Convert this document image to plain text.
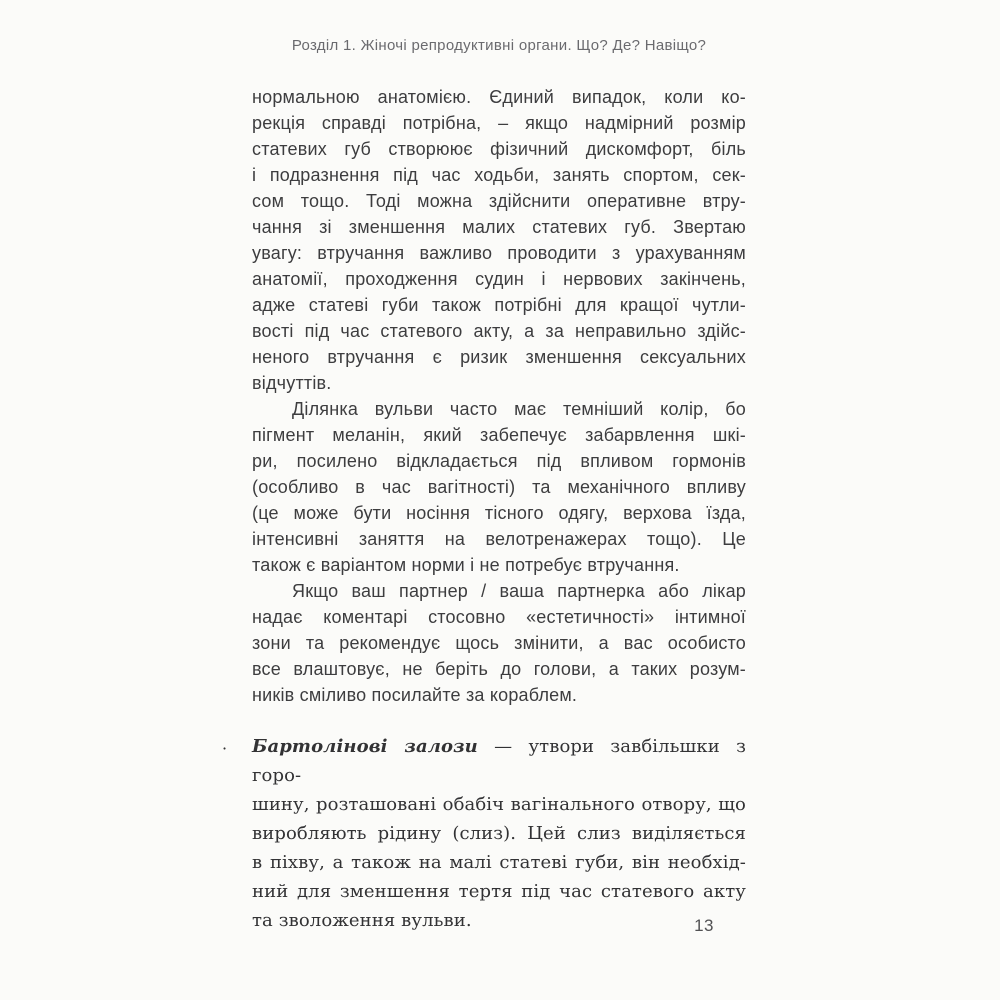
Розділ 1. Жіночі репродуктивні органи. Що? Де? Навіщо?
нормальною анатомією. Єдиний випадок, коли ко-
рекція справді потрібна, – якщо надмірний розмір
статевих губ створюює фізичний дискомфорт, біль
і подразнення під час ходьби, занять спортом, сек-
сом тощо. Тоді можна здійснити оперативне втру-
чання зі зменшення малих статевих губ. Звертаю
увагу: втручання важливо проводити з урахуванням
анатомії, проходження судин і нервових закінчень,
адже статеві губи також потрібні для кращої чутли-
вості під час статевого акту, а за неправильно здійс-
неного втручання є ризик зменшення сексуальних
відчуттів.
Ділянка вульви часто має темніший колір, бо
пігмент меланін, який забепечує забарвлення шкі-
ри, посилено відкладається під впливом гормонів
(особливо в час вагітності) та механічного впливу
(це може бути носіння тісного одягу, верхова їзда,
інтенсивні заняття на велотренажерах тощо). Це
також є варіантом норми і не потребує втручання.
Якщо ваш партнер / ваша партнерка або лікар
надає коментарі стосовно «естетичності» інтимної
зони та рекомендує щось змінити, а вас особисто
все влаштовує, не беріть до голови, а таких розум-
ників сміливо посилайте за кораблем.
· Бартолінові залози — утвори завбільшки з горо-
шину, розташовані обабіч вагінального отвору, що
виробляють рідину (слиз). Цей слиз виділяється
в піхву, а також на малі статеві губи, він необхід-
ний для зменшення тертя під час статевого акту
та зволоження вульви.	13
